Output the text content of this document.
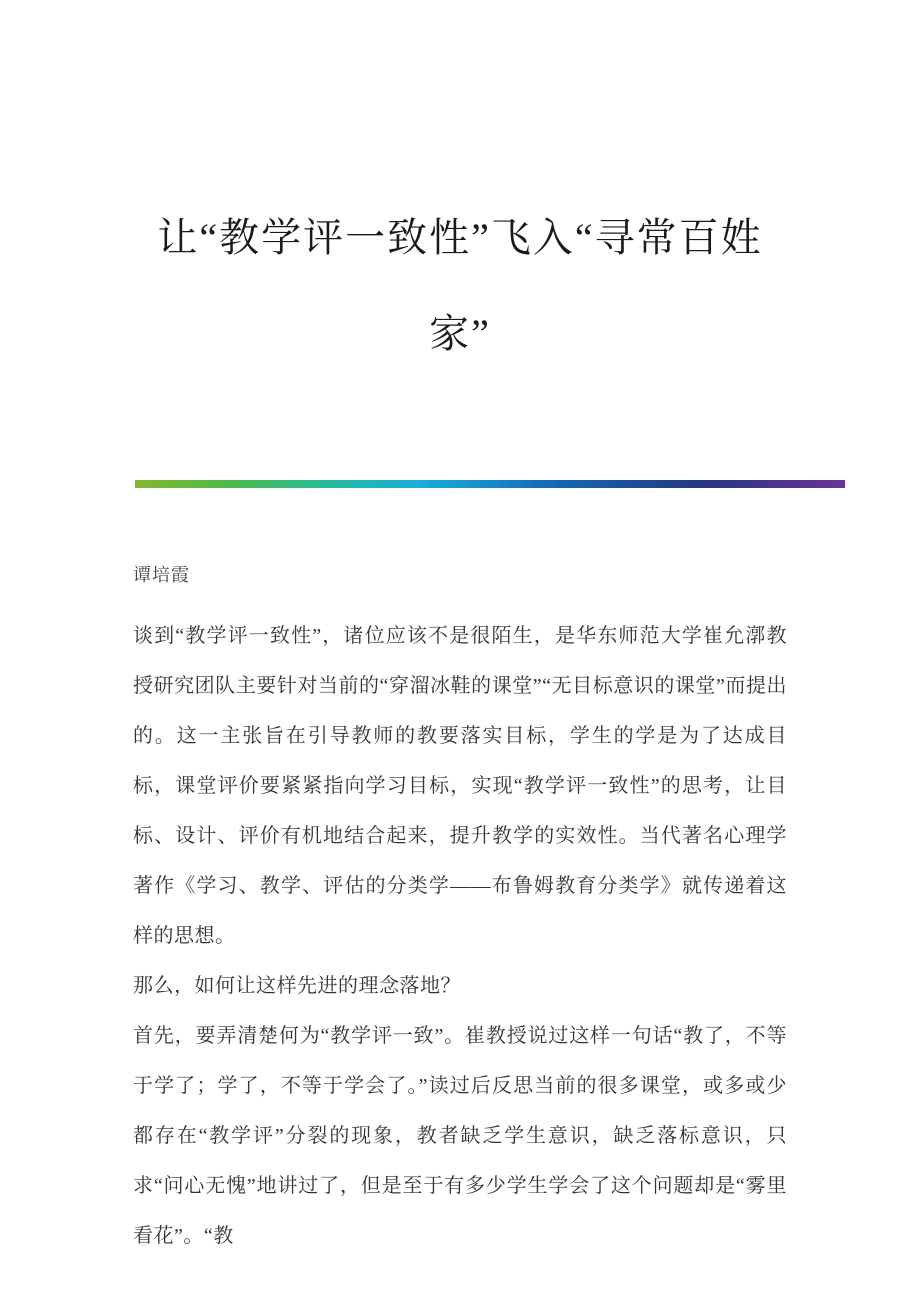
让“教学评一致性”飞入“寻常百姓
家”
谭培霞

谈到“教学评一致性”，诸位应该不是很陌生，是华东师范大学崔允漷教授研究团队主要针对当前的“穿溜冰鞋的课堂”“无目标意识的课堂”而提出的。这一主张旨在引导教师的教要落实目标，学生的学是为了达成目标，课堂评价要紧紧指向学习目标，实现“教学评一致性”的思考，让目标、设计、评价有机地结合起来，提升教学的实效性。当代著名心理学著作《学习、教学、评估的分类学——布鲁姆教育分类学》就传递着这样的思想。

那么，如何让这样先进的理念落地？

首先，要弄清楚何为“教学评一致”。崔教授说过这样一句话“教了，不等于学了；学了，不等于学会了。”读过后反思当前的很多课堂，或多或少都存在“教学评”分裂的现象，教者缺乏学生意识，缺乏落标意识，只求“问心无愧”地讲过了，但是至于有多少学生学会了这个问题却是“雾里看花”。“教
